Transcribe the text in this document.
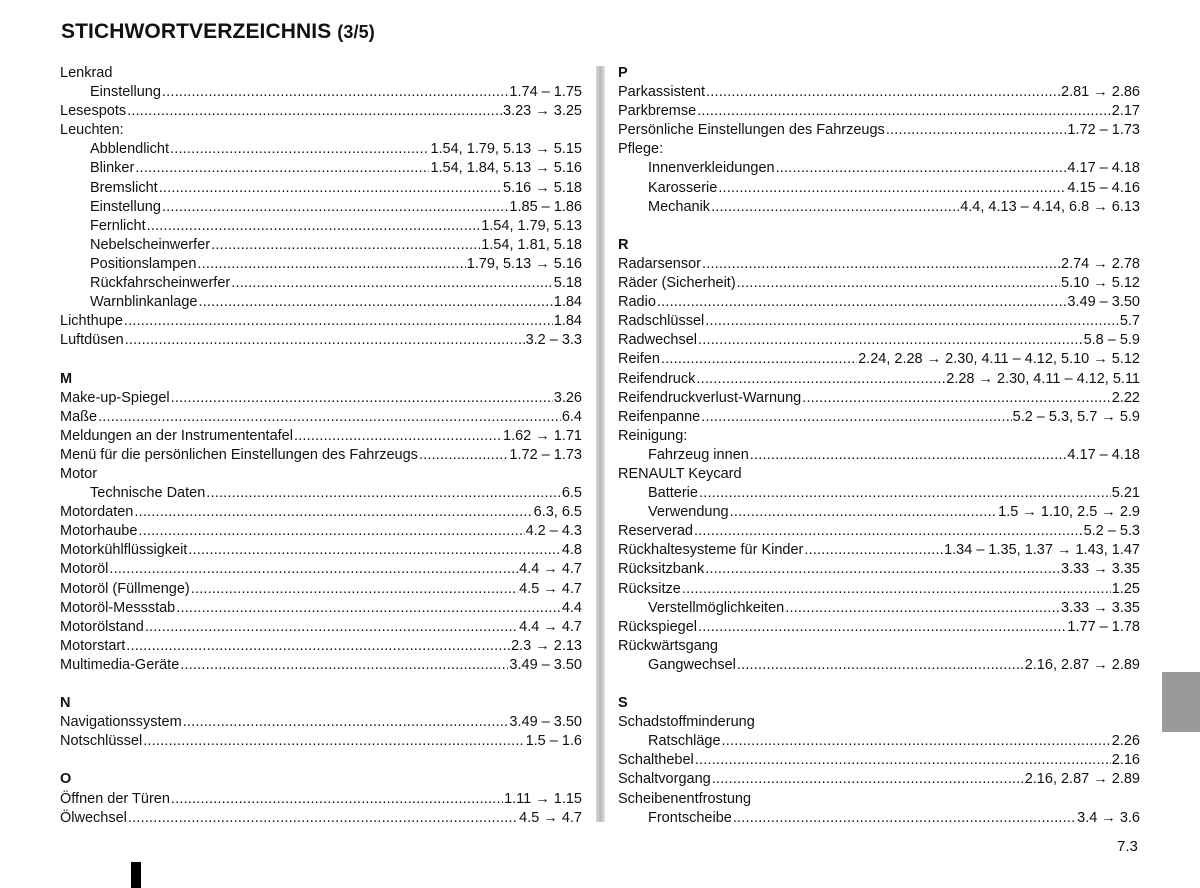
STICHWORTVERZEICHNIS (3/5)
Lenkrad
Einstellung .....	1.74 – 1.75
Lesespots .....	3.23 → 3.25
Leuchten:
Abblendlicht .....	1.54, 1.79, 5.13 → 5.15
Blinker .....	1.54, 1.84, 5.13 → 5.16
Bremslicht .....	5.16 → 5.18
Einstellung .....	1.85 – 1.86
Fernlicht .....	1.54, 1.79, 5.13
Nebelscheinwerfer .....	1.54, 1.81, 5.18
Positionslampen .....	1.79, 5.13 → 5.16
Rückfahrscheinwerfer .....	5.18
Warnblinkanlage .....	1.84
Lichthupe .....	1.84
Luftdüsen .....	3.2 – 3.3
M
Make-up-Spiegel .....	3.26
Maße .....	6.4
Meldungen an der Instrumententafel .....	1.62 → 1.71
Menü für die persönlichen Einstellungen des Fahrzeugs .....	1.72 – 1.73
Motor
Technische Daten .....	6.5
Motordaten .....	6.3, 6.5
Motorhaube .....	4.2 – 4.3
Motorkühlflüssigkeit .....	4.8
Motoröl .....	4.4 → 4.7
Motoröl (Füllmenge) .....	4.5 → 4.7
Motoröl-Messstab .....	4.4
Motorölstand .....	4.4 → 4.7
Motorstart .....	2.3 → 2.13
Multimedia-Geräte .....	3.49 – 3.50
N
Navigationssystem .....	3.49 – 3.50
Notschlüssel .....	1.5 – 1.6
O
Öffnen der Türen .....	1.11 → 1.15
Ölwechsel .....	4.5 → 4.7
P
Parkassistent .....	2.81 → 2.86
Parkbremse .....	2.17
Persönliche Einstellungen des Fahrzeugs .....	1.72 – 1.73
Pflege:
Innenverkleidungen .....	4.17 – 4.18
Karosserie .....	4.15 – 4.16
Mechanik .....	4.4, 4.13 – 4.14, 6.8 → 6.13
R
Radarsensor .....	2.74 → 2.78
Räder (Sicherheit) .....	5.10 → 5.12
Radio .....	3.49 – 3.50
Radschlüssel .....	5.7
Radwechsel .....	5.8 – 5.9
Reifen .....	2.24, 2.28 → 2.30, 4.11 – 4.12, 5.10 → 5.12
Reifendruck .....	2.28 → 2.30, 4.11 – 4.12, 5.11
Reifendruckverlust-Warnung .....	2.22
Reifenpanne .....	5.2 – 5.3, 5.7 → 5.9
Reinigung:
Fahrzeug innen .....	4.17 – 4.18
RENAULT Keycard
Batterie .....	5.21
Verwendung .....	1.5 → 1.10, 2.5 → 2.9
Reserverad .....	5.2 – 5.3
Rückhaltesysteme für Kinder .....	1.34 – 1.35, 1.37 → 1.43, 1.47
Rücksitzbank .....	3.33 → 3.35
Rücksitze .....	1.25
Verstellmöglichkeiten .....	3.33 → 3.35
Rückspiegel .....	1.77 – 1.78
Rückwärtsgang
Gangwechsel .....	2.16, 2.87 → 2.89
S
Schadstoffminderung
Ratschläge .....	2.26
Schalthebel .....	2.16
Schaltvorgang .....	2.16, 2.87 → 2.89
Scheibenentfrostung
Frontscheibe .....	3.4 → 3.6
7.3
